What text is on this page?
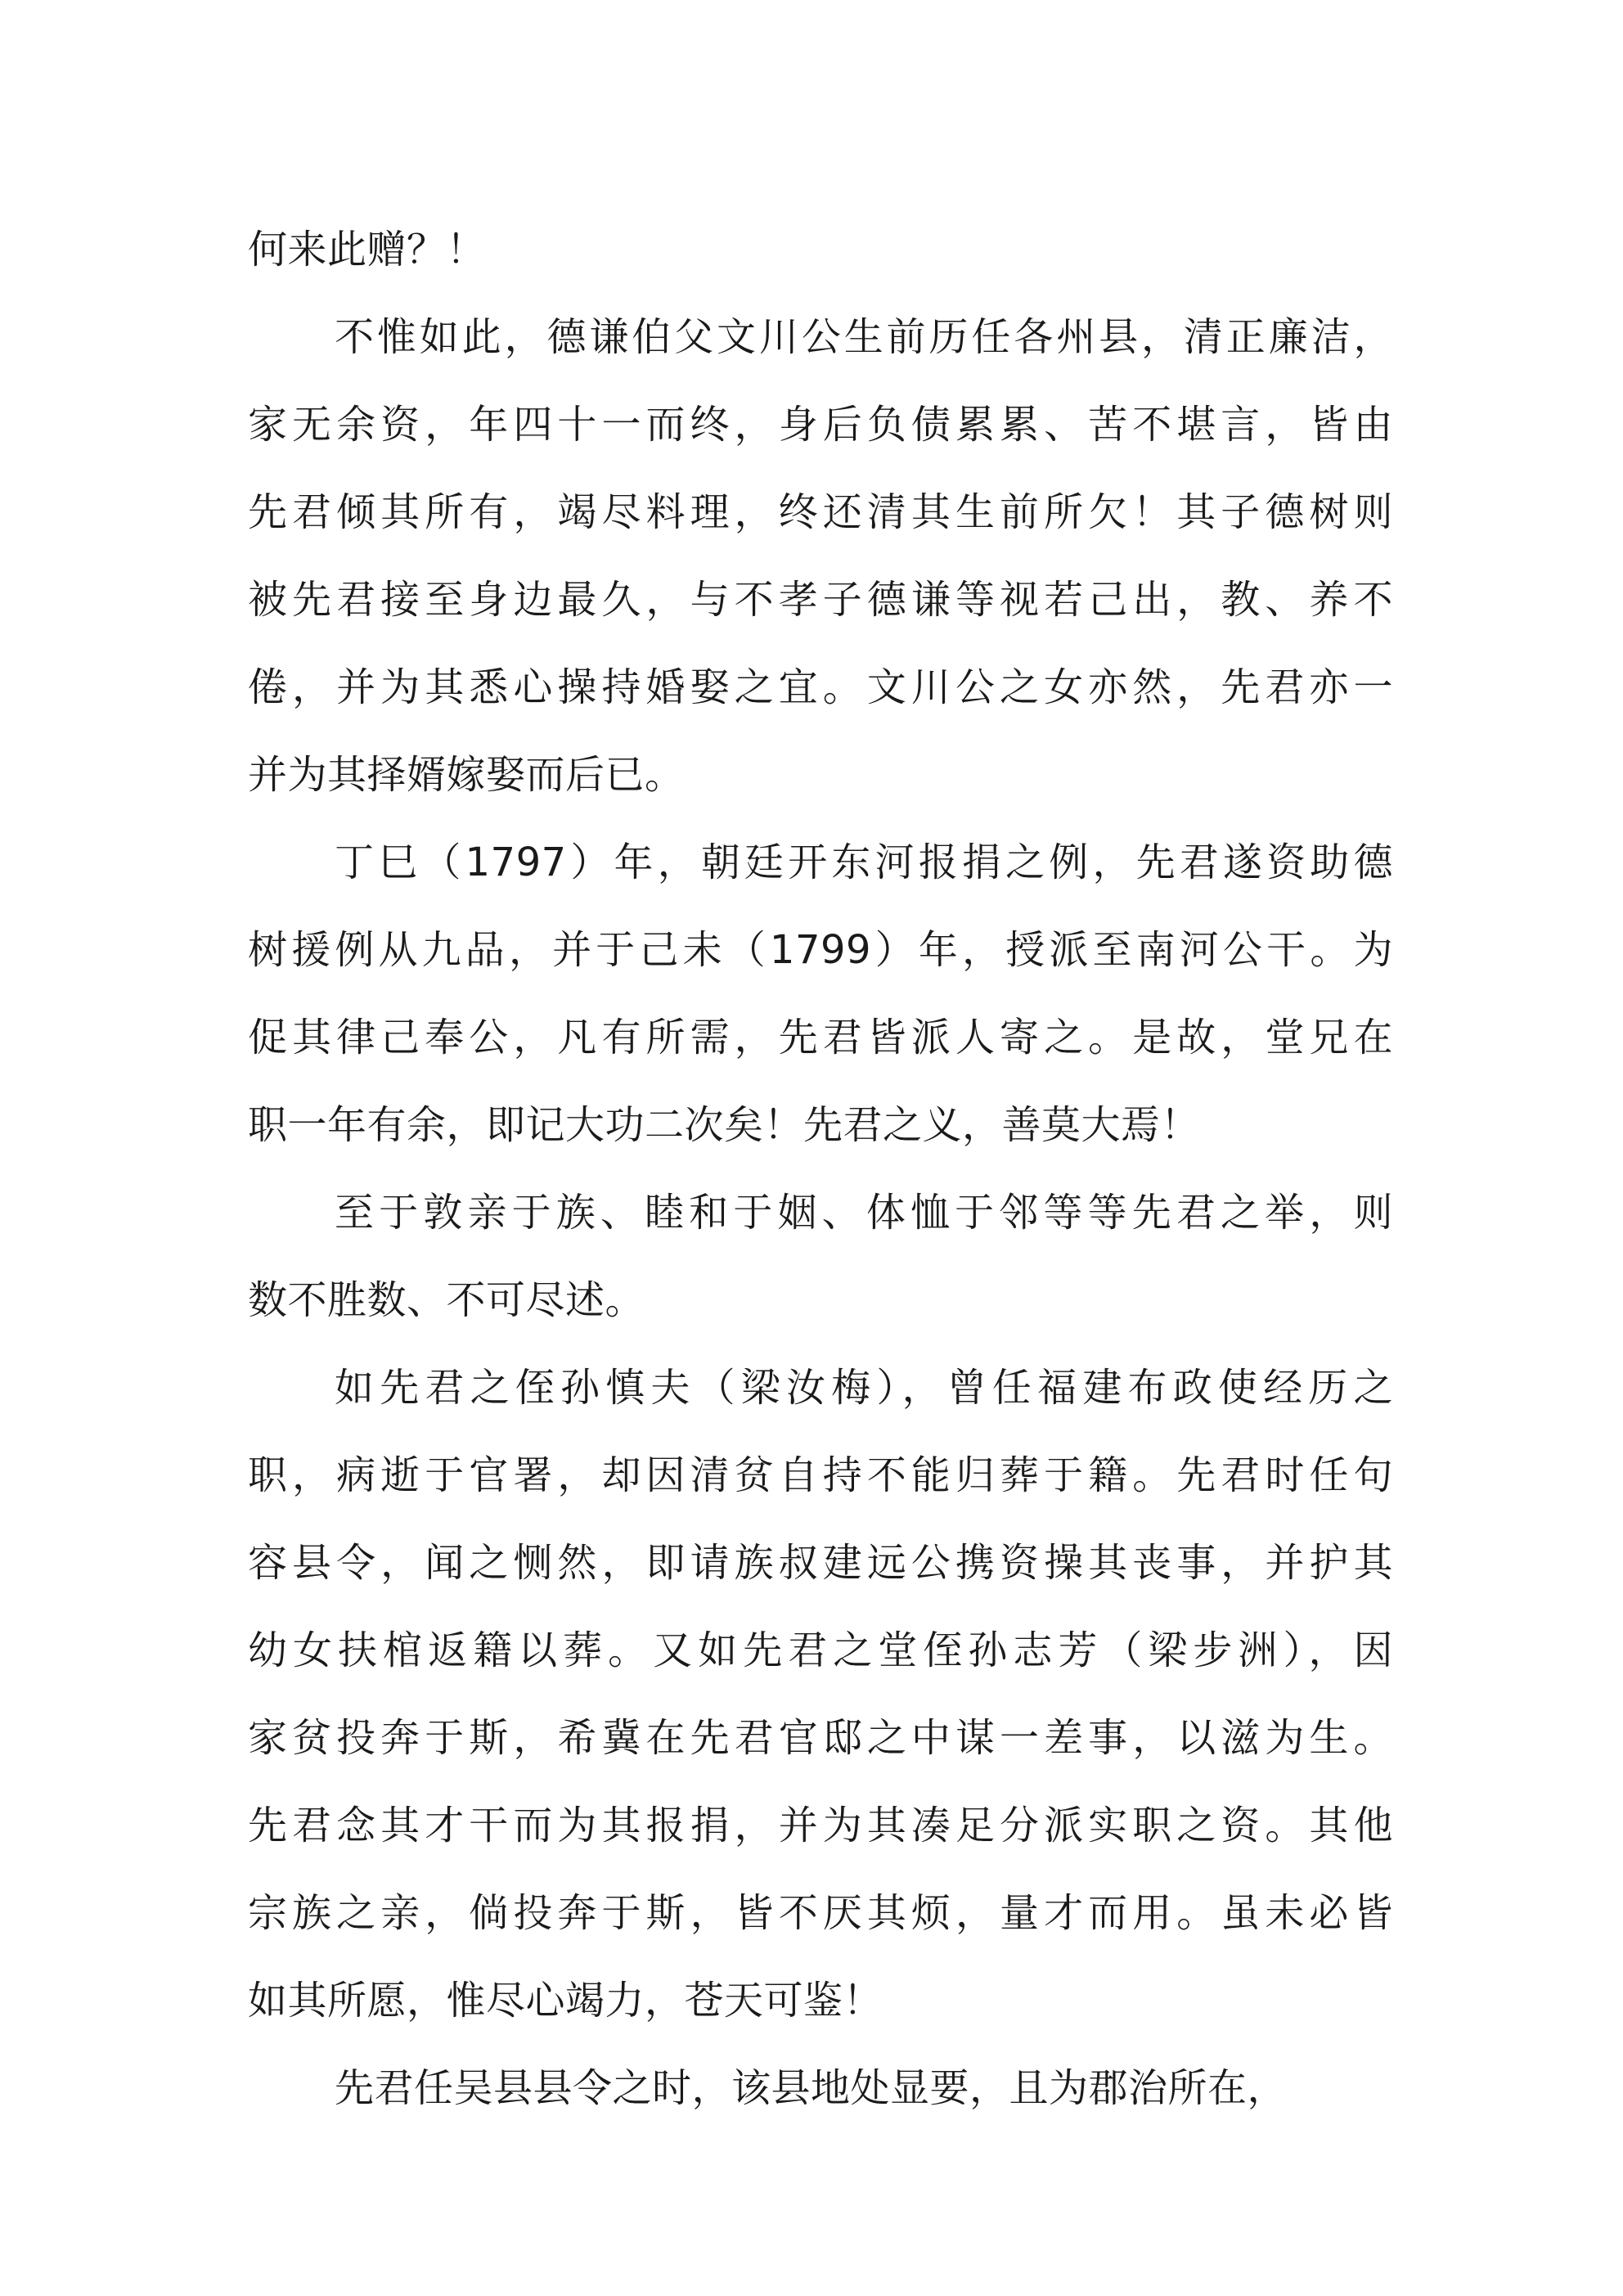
何来此赠？！
不惟如此，德谦伯父文川公生前历任各州县，清正廉洁，
家无余资，年四十一而终，身后负债累累、苦不堪言，皆由
先君倾其所有，竭尽料理，终还清其生前所欠！其子德树则
被先君接至身边最久，与不孝子德谦等视若己出，教、养不
倦，并为其悉心操持婚娶之宜。文川公之女亦然，先君亦一
并为其择婿嫁娶而后已。
丁巳（1797）年，朝廷开东河报捐之例，先君遂资助德
树援例从九品，并于己未（1799）年，授派至南河公干。为
促其律己奉公，凡有所需，先君皆派人寄之。是故，堂兄在
职一年有余，即记大功二次矣！先君之义，善莫大焉！
至于敦亲于族、睦和于姻、体恤于邻等等先君之举，则
数不胜数、不可尽述。
如先君之侄孙慎夫（梁汝梅），曾任福建布政使经历之
职，病逝于官署，却因清贫自持不能归葬于籍。先君时任句
容县令，闻之恻然，即请族叔建远公携资操其丧事，并护其
幼女扶棺返籍以葬。又如先君之堂侄孙志芳（梁步洲），因
家贫投奔于斯，希冀在先君官邸之中谋一差事，以滋为生。
先君念其才干而为其报捐，并为其凑足分派实职之资。其他
宗族之亲，倘投奔于斯，皆不厌其烦，量才而用。虽未必皆
如其所愿，惟尽心竭力，苍天可鉴！
先君任吴县县令之时，该县地处显要，且为郡治所在，
